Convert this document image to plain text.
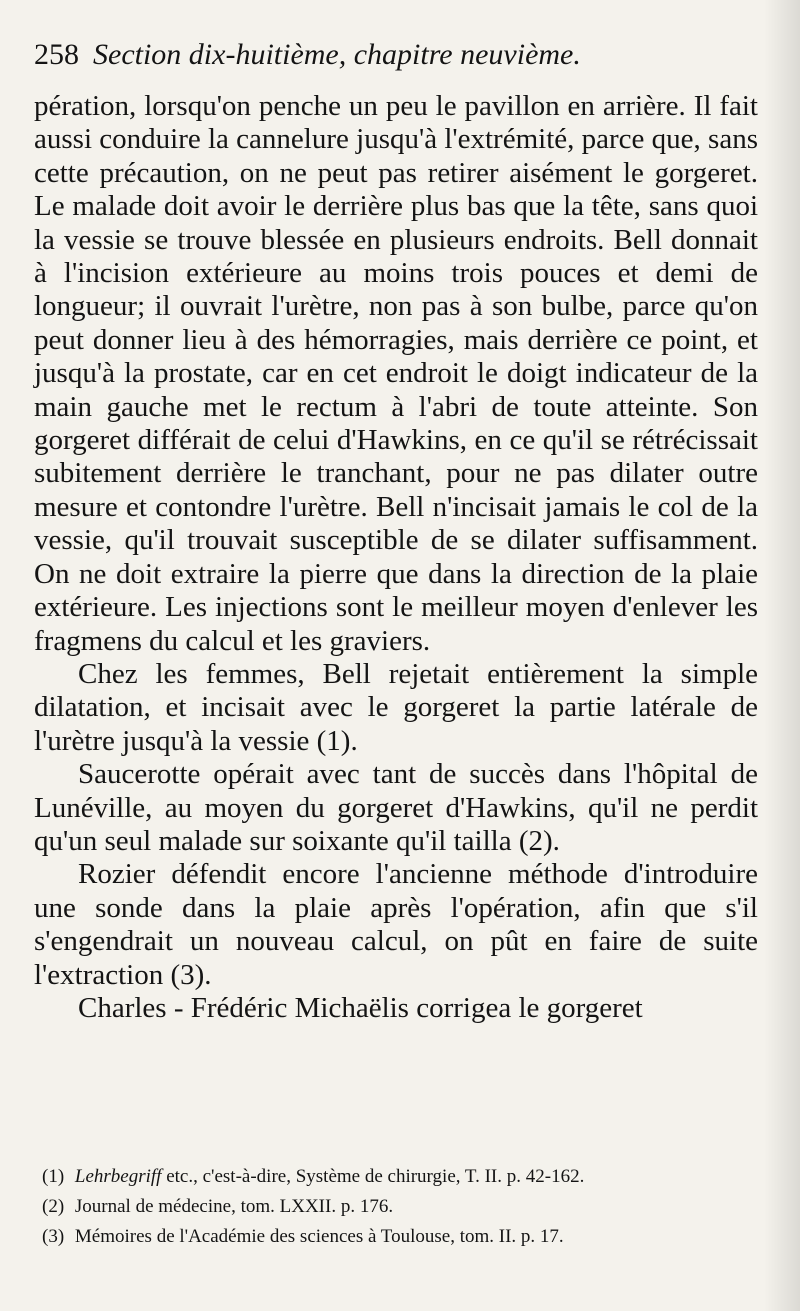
258 Section dix-huitième, chapitre neuvième.

pération, lorsqu'on penche un peu le pavillon en arrière. Il fait aussi conduire la cannelure jusqu'à l'extrémité, parce que, sans cette précaution, on ne peut pas retirer aisément le gorgeret. Le malade doit avoir le derrière plus bas que la tête, sans quoi la vessie se trouve blessée en plusieurs endroits. Bell donnait à l'incision extérieure au moins trois pouces et demi de longueur; il ouvrait l'urètre, non pas à son bulbe, parce qu'on peut donner lieu à des hémorragies, mais derrière ce point, et jusqu'à la prostate, car en cet endroit le doigt indicateur de la main gauche met le rectum à l'abri de toute atteinte. Son gorgeret différait de celui d'Hawkins, en ce qu'il se rétrécissait subitement derrière le tranchant, pour ne pas dilater outre mesure et contondre l'urètre. Bell n'incisait jamais le col de la vessie, qu'il trouvait susceptible de se dilater suffisamment. On ne doit extraire la pierre que dans la direction de la plaie extérieure. Les injections sont le meilleur moyen d'enlever les fragmens du calcul et les graviers.

Chez les femmes, Bell rejetait entièrement la simple dilatation, et incisait avec le gorgeret la partie latérale de l'urètre jusqu'à la vessie (1).

Saucerotte opérait avec tant de succès dans l'hôpital de Lunéville, au moyen du gorgeret d'Hawkins, qu'il ne perdit qu'un seul malade sur soixante qu'il tailla (2).

Rozier défendit encore l'ancienne méthode d'introduire une sonde dans la plaie après l'opération, afin que s'il s'engendrait un nouveau calcul, on pût en faire de suite l'extraction (3).

Charles - Frédéric Michaëlis corrigea le gorgeret

(1) Lehrbegriff etc., c'est-à-dire, Système de chirurgie, T. II. p. 42-162.

(2) Journal de médecine, tom. LXXII. p. 176.

(3) Mémoires de l'Académie des sciences à Toulouse, tom. II. p. 17.
